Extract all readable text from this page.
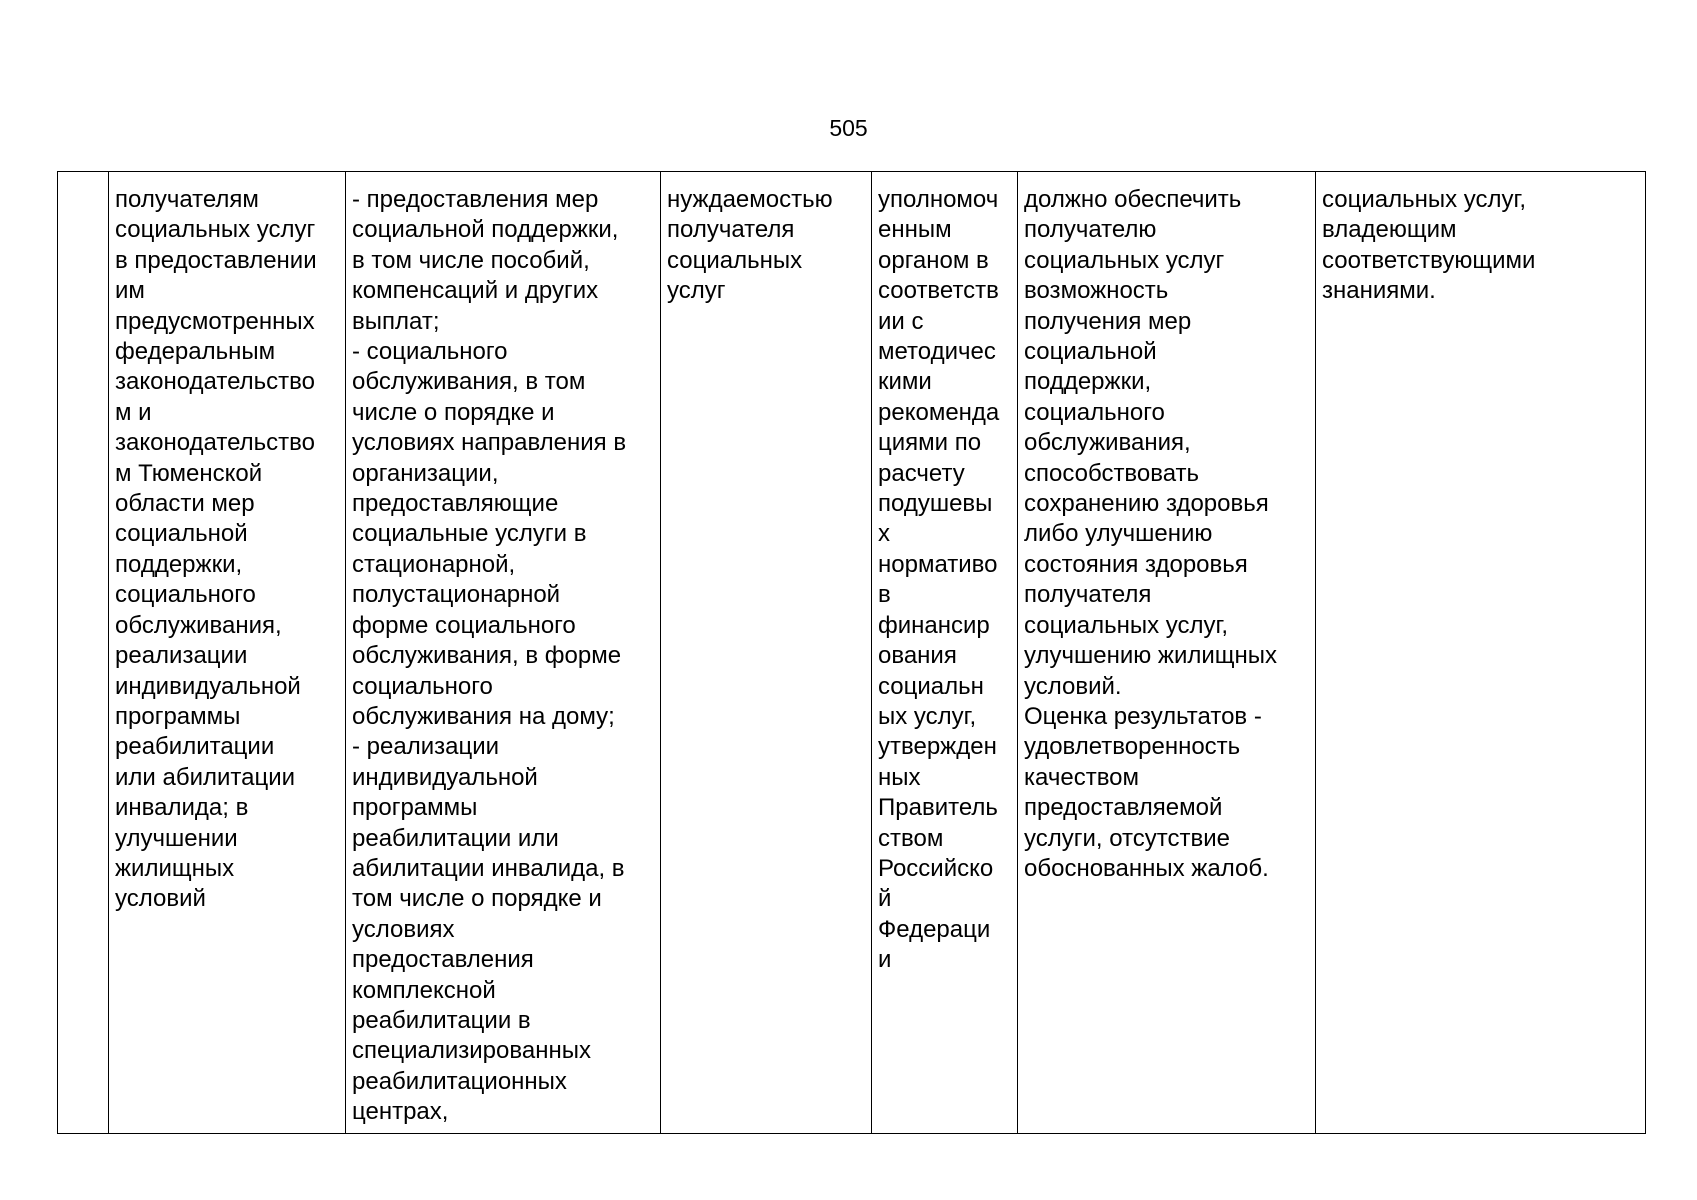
505
	получателям
социальных услуг
в предоставлении
им
предусмотренных
федеральным
законодательство
м и
законодательство
м Тюменской
области мер
социальной
поддержки,
социального
обслуживания,
реализации
индивидуальной
программы
реабилитации
или абилитации
инвалида; в
улучшении
жилищных
условий	- предоставления мер
социальной поддержки,
в том числе пособий,
компенсаций и других
выплат;
- социального
обслуживания, в том
числе о порядке и
условиях направления в
организации,
предоставляющие
социальные услуги в
стационарной,
полустационарной
форме социального
обслуживания, в форме
социального
обслуживания на дому;
- реализации
индивидуальной
программы
реабилитации или
абилитации инвалида, в
том числе о порядке и
условиях
предоставления
комплексной
реабилитации в
специализированных
реабилитационных
центрах,	нуждаемостью
получателя
социальных
услуг	уполномоч
енным
органом в
соответств
ии с
методичес
кими
рекоменда
циями по
расчету
подушевы
х
нормативо
в
финансир
ования
социальн
ых услуг,
утвержден
ных
Правитель
ством
Российско
й
Федераци
и	должно обеспечить
получателю
социальных услуг
возможность
получения мер
социальной
поддержки,
социального
обслуживания,
способствовать
сохранению здоровья
либо улучшению
состояния здоровья
получателя
социальных услуг,
улучшению жилищных
условий.
Оценка результатов -
удовлетворенность
качеством
предоставляемой
услуги, отсутствие
обоснованных жалоб.	социальных услуг,
владеющим
соответствующими
знаниями.
